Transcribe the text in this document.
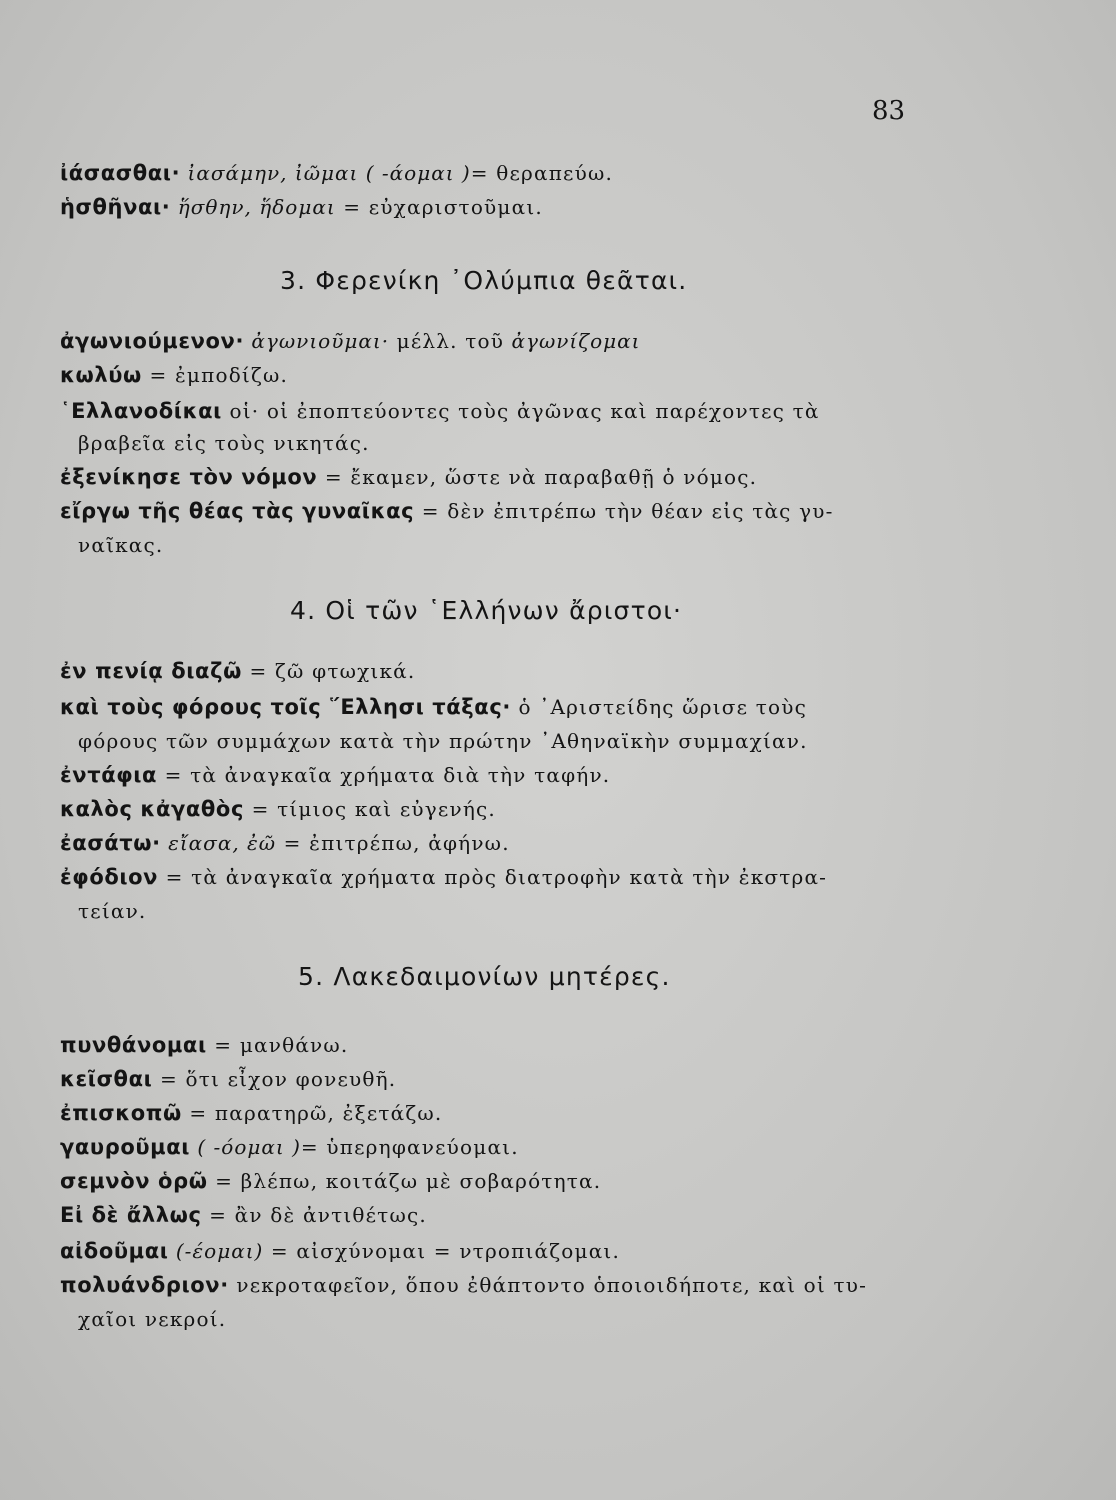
83
ἰάσασθαι· ἰασάμην, ἰῶμαι ( -άομαι )= θεραπεύω.
ἡσθῆναι· ἥσθην, ἥδομαι = εὐχαριστοῦμαι.
3. Φερενίκη ᾿Ολύμπια θεᾶται.
ἀγωνιούμενον· ἀγωνιοῦμαι· μέλλ. τοῦ ἀγωνίζομαι
κωλύω = ἐμποδίζω.
῾Ελλανοδίκαι οἱ· οἱ ἐποπτεύοντες τοὺς ἀγῶνας καὶ παρέχοντες τὰ
βραβεῖα εἰς τοὺς νικητάς.
ἐξενίκησε τὸν νόμον = ἔκαμεν, ὥστε νὰ παραβαθῇ ὁ νόμος.
εἴργω τῆς θέας τὰς γυναῖκας = δὲν ἐπιτρέπω τὴν θέαν εἰς τὰς γυ-
ναῖκας.
4. Οἱ τῶν ῾Ελλήνων ἄριστοι·
ἐν πενίᾳ διαζῶ = ζῶ φτωχικά.
καὶ τοὺς φόρους τοῖς ῞Ελλησι τάξας· ὁ ᾿Αριστείδης ὥρισε τοὺς
φόρους τῶν συμμάχων κατὰ τὴν πρώτην ᾿Αθηναϊκὴν συμμαχίαν.
ἐντάφια = τὰ ἀναγκαῖα χρήματα διὰ τὴν ταφήν.
καλὸς κἀγαθὸς = τίμιος καὶ εὐγενής.
ἐασάτω· εἴασα, ἐῶ = ἐπιτρέπω, ἀφήνω.
ἐφόδιον = τὰ ἀναγκαῖα χρήματα πρὸς διατροφὴν κατὰ τὴν ἐκστρα-
τείαν.
5. Λακεδαιμονίων μητέρες.
πυνθάνομαι = μανθάνω.
κεῖσθαι = ὅτι εἶχον φονευθῆ.
ἐπισκοπῶ = παρατηρῶ, ἐξετάζω.
γαυροῦμαι ( -όομαι )= ὑπερηφανεύομαι.
σεμνὸν ὁρῶ = βλέπω, κοιτάζω μὲ σοβαρότητα.
Εἰ δὲ ἄλλως = ἂν δὲ ἀντιθέτως.
αἰδοῦμαι (-έομαι) = αἰσχύνομαι = ντροπιάζομαι.
πολυάνδριον· νεκροταφεῖον, ὅπου ἐθάπτοντο ὁποιοιδήποτε, καὶ οἱ τυ-
χαῖοι νεκροί.
